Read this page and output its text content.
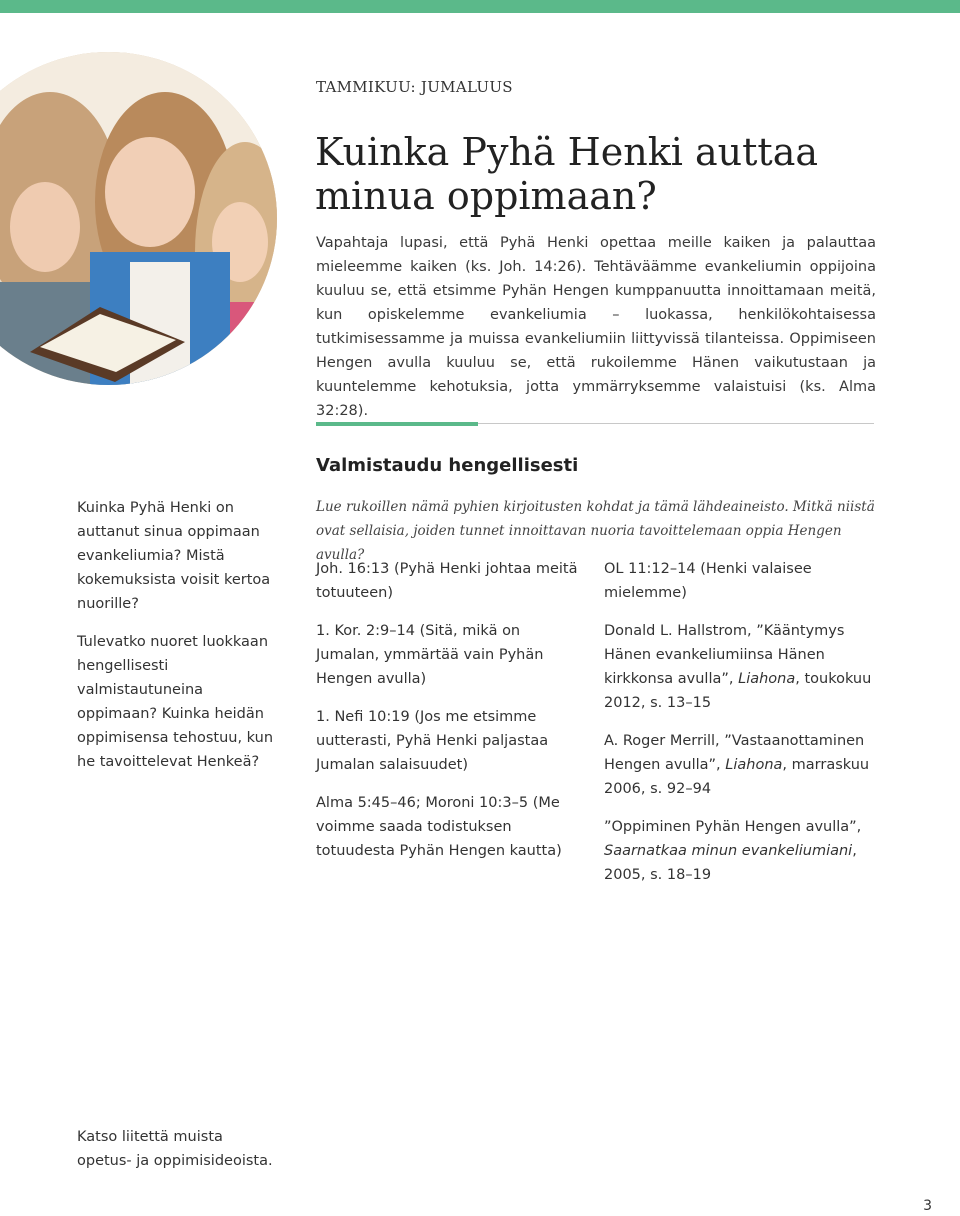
TAMMIKUU: JUMALUUS
Kuinka Pyhä Henki auttaa minua oppimaan?

Vapahtaja lupasi, että Pyhä Henki opettaa meille kaiken ja palauttaa mieleemme kaiken (ks. Joh. 14:26). Tehtäväämme evankeliumin oppijoina kuuluu se, että etsimme Pyhän Hengen kumppanuutta innoittamaan meitä, kun opiskelemme evankeliumia – luokassa, henkilökohtaisessa tutkimisessamme ja muissa evankeliumiin liittyvissä tilanteissa. Oppimiseen Hengen avulla kuuluu se, että rukoilemme Hänen vaikutustaan ja kuuntelemme kehotuksia, jotta ymmärryksemme valaistuisi (ks. Alma 32:28).

Valmistaudu hengellisesti

Kuinka Pyhä Henki on auttanut sinua oppimaan evankeliumia? Mistä kokemuksista voisit kertoa nuorille?

Tulevatko nuoret luokkaan hengellisesti valmistautuneina oppimaan? Kuinka heidän oppimisensa tehostuu, kun he tavoittelevat Henkeä?

Lue rukoillen nämä pyhien kirjoitusten kohdat ja tämä lähdeaineisto. Mitkä niistä ovat sellaisia, joiden tunnet innoittavan nuoria tavoittelemaan oppia Hengen avulla?

Joh. 16:13 (Pyhä Henki johtaa meitä totuuteen)

1. Kor. 2:9–14 (Sitä, mikä on Jumalan, ymmärtää vain Pyhän Hengen avulla)

1. Nefi 10:19 (Jos me etsimme uutterasti, Pyhä Henki paljastaa Jumalan salaisuudet)

Alma 5:45–46; Moroni 10:3–5 (Me voimme saada todistuksen totuudesta Pyhän Hengen kautta)

OL 11:12–14 (Henki valaisee mielemme)

Donald L. Hallstrom, ”Kääntymys Hänen evankeliumiinsa Hänen kirkkonsa avulla”, Liahona, toukokuu 2012, s. 13–15

A. Roger Merrill, ”Vastaanottaminen Hengen avulla”, Liahona, marraskuu 2006, s. 92–94

”Oppiminen Pyhän Hengen avulla”, Saarnatkaa minun evankeliumiani, 2005, s. 18–19

Katso liitettä muista opetus- ja oppimisideoista.

3
